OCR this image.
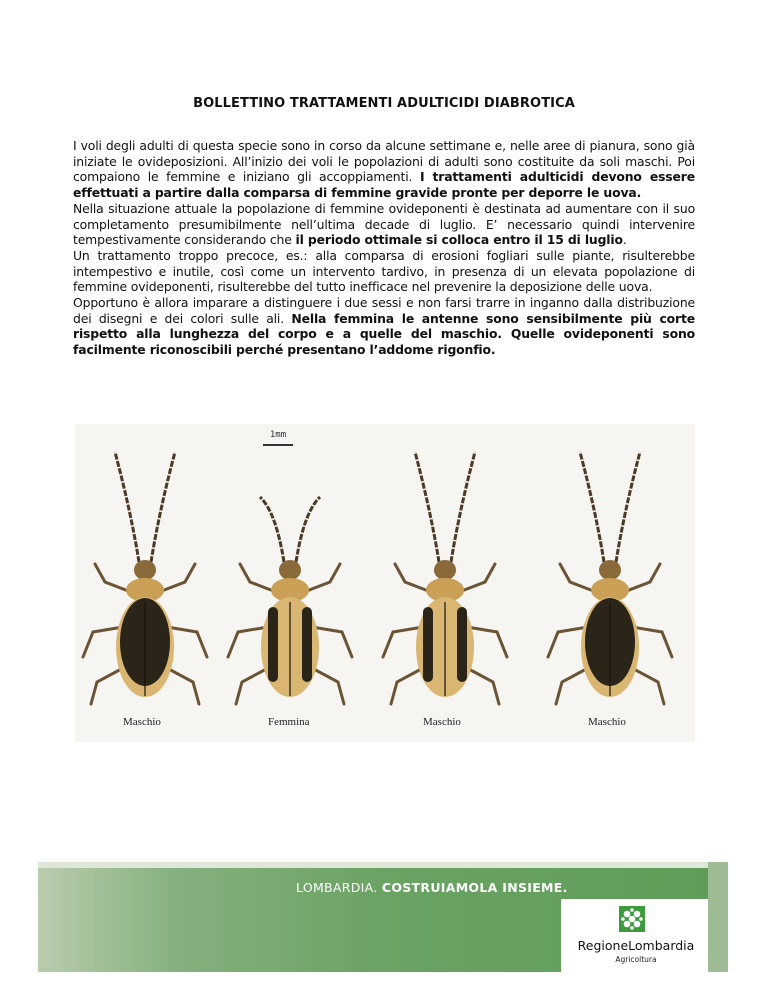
BOLLETTINO TRATTAMENTI ADULTICIDI DIABROTICA

I voli degli adulti di questa specie sono in corso da alcune settimane e, nelle aree di pianura, sono già iniziate le ovideposizioni. All’inizio dei voli le popolazioni di adulti sono costituite da soli maschi. Poi compaiono le femmine e iniziano gli accoppiamenti. I trattamenti adulticidi devono essere effettuati a partire dalla comparsa di femmine gravide pronte per deporre le uova.

Nella situazione attuale la popolazione di femmine ovideponenti è destinata ad aumentare con il suo completamento presumibilmente nell’ultima decade di luglio. E’ necessario quindi intervenire tempestivamente considerando che il periodo ottimale si colloca entro il 15 di luglio.

Un trattamento troppo precoce, es.: alla comparsa di erosioni fogliari sulle piante, risulterebbe intempestivo e inutile, così come un intervento tardivo, in presenza di un elevata popolazione di femmine ovideponenti, risulterebbe del tutto inefficace nel prevenire la deposizione delle uova.

Opportuno è allora imparare a distinguere i due sessi e non farsi trarre in inganno dalla distribuzione dei disegni e dei colori sulle ali. Nella femmina le antenne sono sensibilmente più corte rispetto alla lunghezza del corpo e a quelle del maschio. Quelle ovideponenti sono facilmente riconoscibili perché presentano l’addome rigonfio.

1mm
Maschio	Femmina	Maschio	Maschio
LOMBARDIA. COSTRUIAMOLA INSIEME.
RegioneLombardia
Agricoltura
